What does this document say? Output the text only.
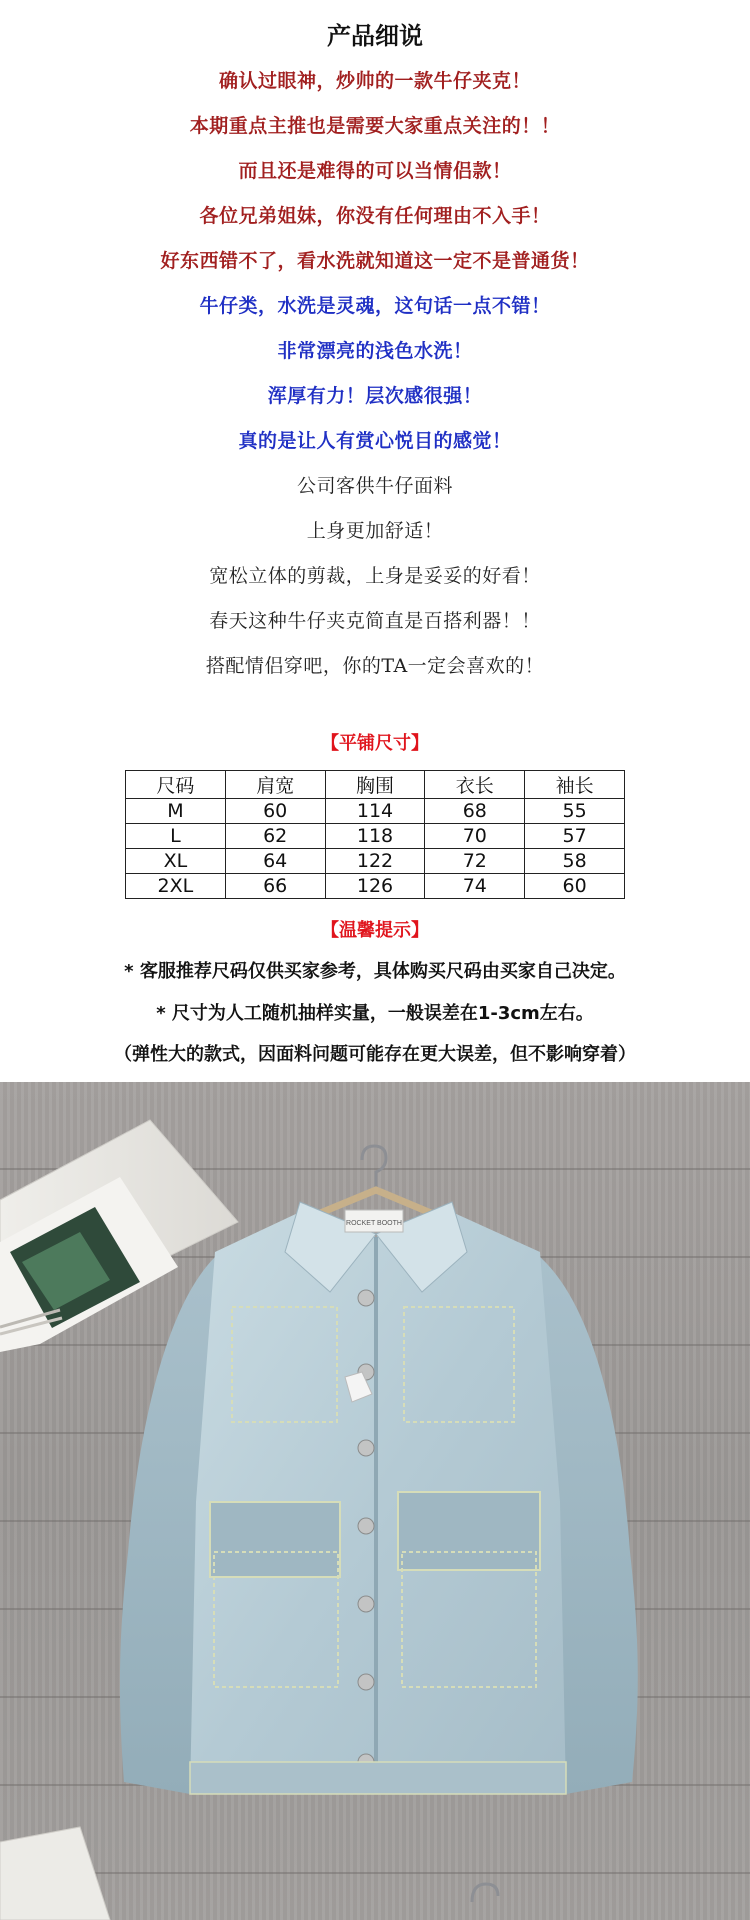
产品细说
确认过眼神，炒帅的一款牛仔夹克！
本期重点主推也是需要大家重点关注的！！
而且还是难得的可以当情侣款！
各位兄弟姐妹，你没有任何理由不入手！
好东西错不了，看水洗就知道这一定不是普通货！
牛仔类，水洗是灵魂，这句话一点不错！
非常漂亮的浅色水洗！
浑厚有力！层次感很强！
真的是让人有赏心悦目的感觉！
公司客供牛仔面料
上身更加舒适！
宽松立体的剪裁，上身是妥妥的好看！
春天这种牛仔夹克简直是百搭利器！！
搭配情侣穿吧，你的TA一定会喜欢的！
【平铺尺寸】
尺码	肩宽	胸围	衣长	袖长
M	60	114	68	55
L	62	118	70	57
XL	64	122	72	58
2XL	66	126	74	60
【温馨提示】
* 客服推荐尺码仅供买家参考，具体购买尺码由买家自己决定。
* 尺寸为人工随机抽样实量，一般误差在1-3cm左右。
（弹性大的款式，因面料问题可能存在更大误差，但不影响穿着）
ROCKET BOOTH
